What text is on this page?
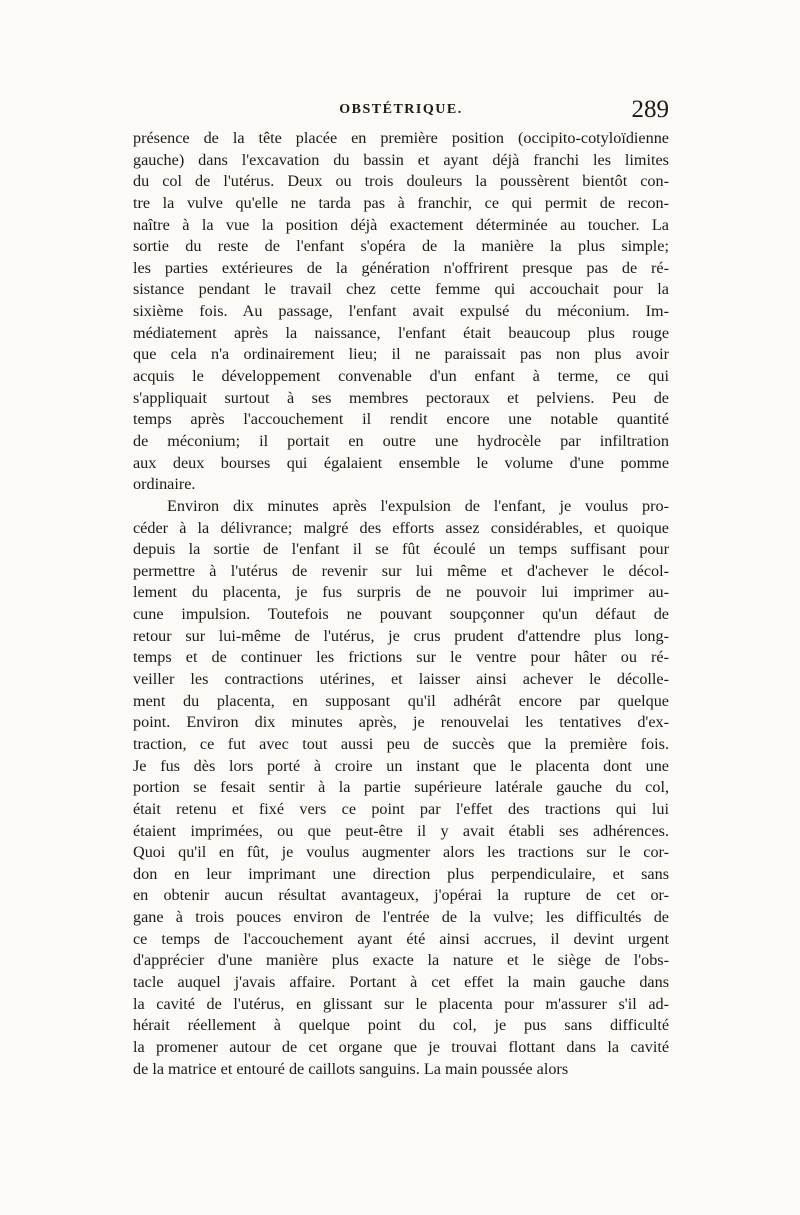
OBSTÉTRIQUE.	289
présence de la tête placée en première position (occipito-cotyloïdienne
gauche) dans l'excavation du bassin et ayant déjà franchi les limites
du col de l'utérus. Deux ou trois douleurs la poussèrent bientôt con-
tre la vulve qu'elle ne tarda pas à franchir, ce qui permit de recon-
naître à la vue la position déjà exactement déterminée au toucher. La
sortie du reste de l'enfant s'opéra de la manière la plus simple;
les parties extérieures de la génération n'offrirent presque pas de ré-
sistance pendant le travail chez cette femme qui accouchait pour la
sixième fois. Au passage, l'enfant avait expulsé du méconium. Im-
médiatement après la naissance, l'enfant était beaucoup plus rouge
que cela n'a ordinairement lieu; il ne paraissait pas non plus avoir
acquis le développement convenable d'un enfant à terme, ce qui
s'appliquait surtout à ses membres pectoraux et pelviens. Peu de
temps après l'accouchement il rendit encore une notable quantité
de méconium; il portait en outre une hydrocèle par infiltration
aux deux bourses qui égalaient ensemble le volume d'une pomme
ordinaire.
Environ dix minutes après l'expulsion de l'enfant, je voulus pro-
céder à la délivrance; malgré des efforts assez considérables, et quoique
depuis la sortie de l'enfant il se fût écoulé un temps suffisant pour
permettre à l'utérus de revenir sur lui même et d'achever le décol-
lement du placenta, je fus surpris de ne pouvoir lui imprimer au-
cune impulsion. Toutefois ne pouvant soupçonner qu'un défaut de
retour sur lui-même de l'utérus, je crus prudent d'attendre plus long-
temps et de continuer les frictions sur le ventre pour hâter ou ré-
veiller les contractions utérines, et laisser ainsi achever le décolle-
ment du placenta, en supposant qu'il adhérât encore par quelque
point. Environ dix minutes après, je renouvelai les tentatives d'ex-
traction, ce fut avec tout aussi peu de succès que la première fois.
Je fus dès lors porté à croire un instant que le placenta dont une
portion se fesait sentir à la partie supérieure latérale gauche du col,
était retenu et fixé vers ce point par l'effet des tractions qui lui
étaient imprimées, ou que peut-être il y avait établi ses adhérences.
Quoi qu'il en fût, je voulus augmenter alors les tractions sur le cor-
don en leur imprimant une direction plus perpendiculaire, et sans
en obtenir aucun résultat avantageux, j'opérai la rupture de cet or-
gane à trois pouces environ de l'entrée de la vulve; les difficultés de
ce temps de l'accouchement ayant été ainsi accrues, il devint urgent
d'apprécier d'une manière plus exacte la nature et le siège de l'obs-
tacle auquel j'avais affaire. Portant à cet effet la main gauche dans
la cavité de l'utérus, en glissant sur le placenta pour m'assurer s'il ad-
hérait réellement à quelque point du col, je pus sans difficulté
la promener autour de cet organe que je trouvai flottant dans la cavité
de la matrice et entouré de caillots sanguins. La main poussée alors
